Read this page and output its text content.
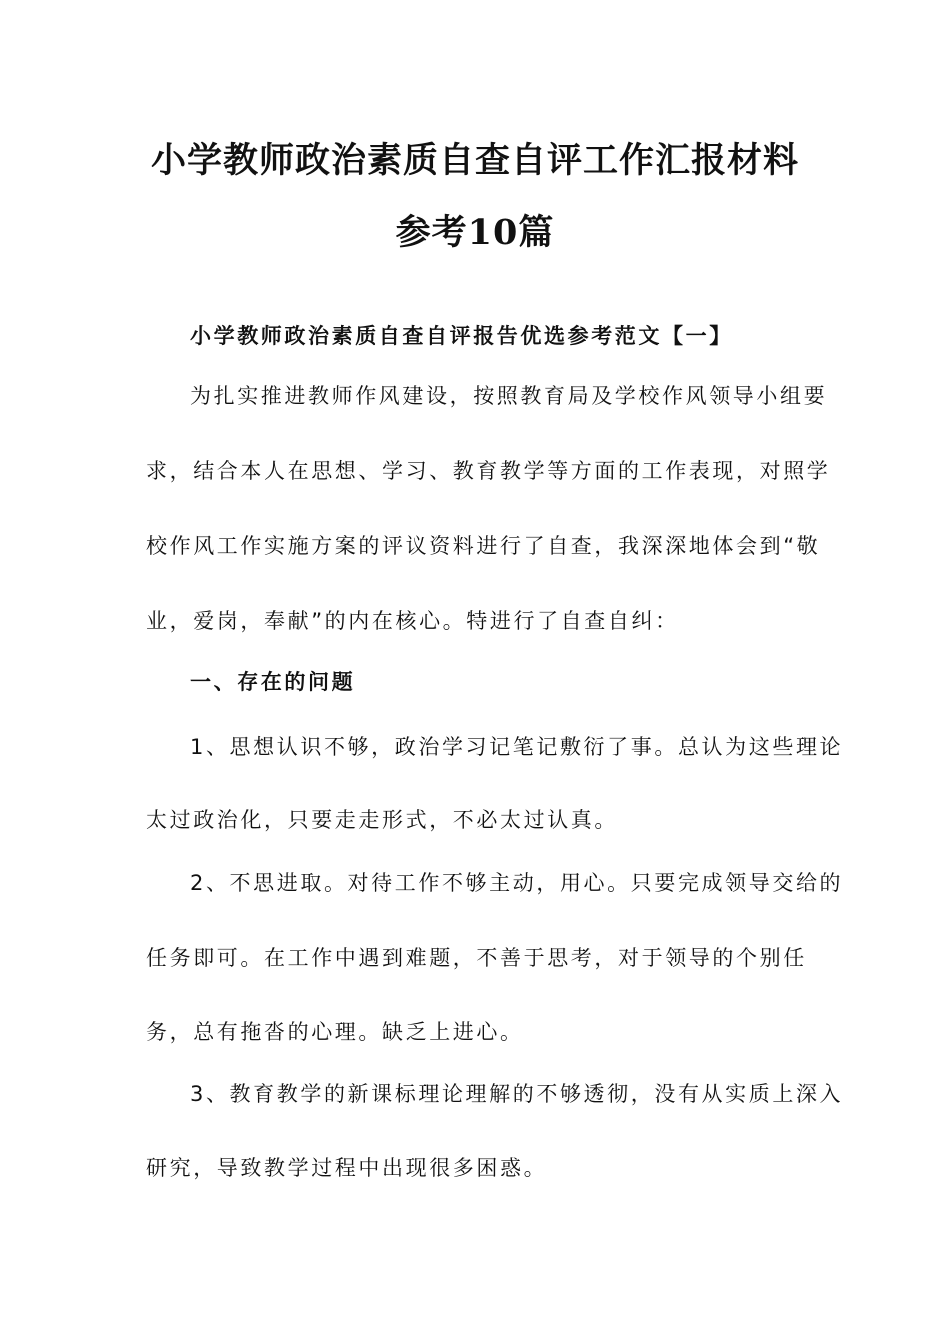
小学教师政治素质自查自评工作汇报材料
参考10篇
小学教师政治素质自查自评报告优选参考范文【一】
为扎实推进教师作风建设，按照教育局及学校作风领导小组要
求，结合本人在思想、学习、教育教学等方面的工作表现，对照学
校作风工作实施方案的评议资料进行了自查，我深深地体会到“敬
业，爱岗，奉献”的内在核心。特进行了自查自纠：
一、存在的问题
1、思想认识不够，政治学习记笔记敷衍了事。总认为这些理论
太过政治化，只要走走形式，不必太过认真。
2、不思进取。对待工作不够主动，用心。只要完成领导交给的
任务即可。在工作中遇到难题，不善于思考，对于领导的个别任
务，总有拖沓的心理。缺乏上进心。
3、教育教学的新课标理论理解的不够透彻，没有从实质上深入
研究，导致教学过程中出现很多困惑。
